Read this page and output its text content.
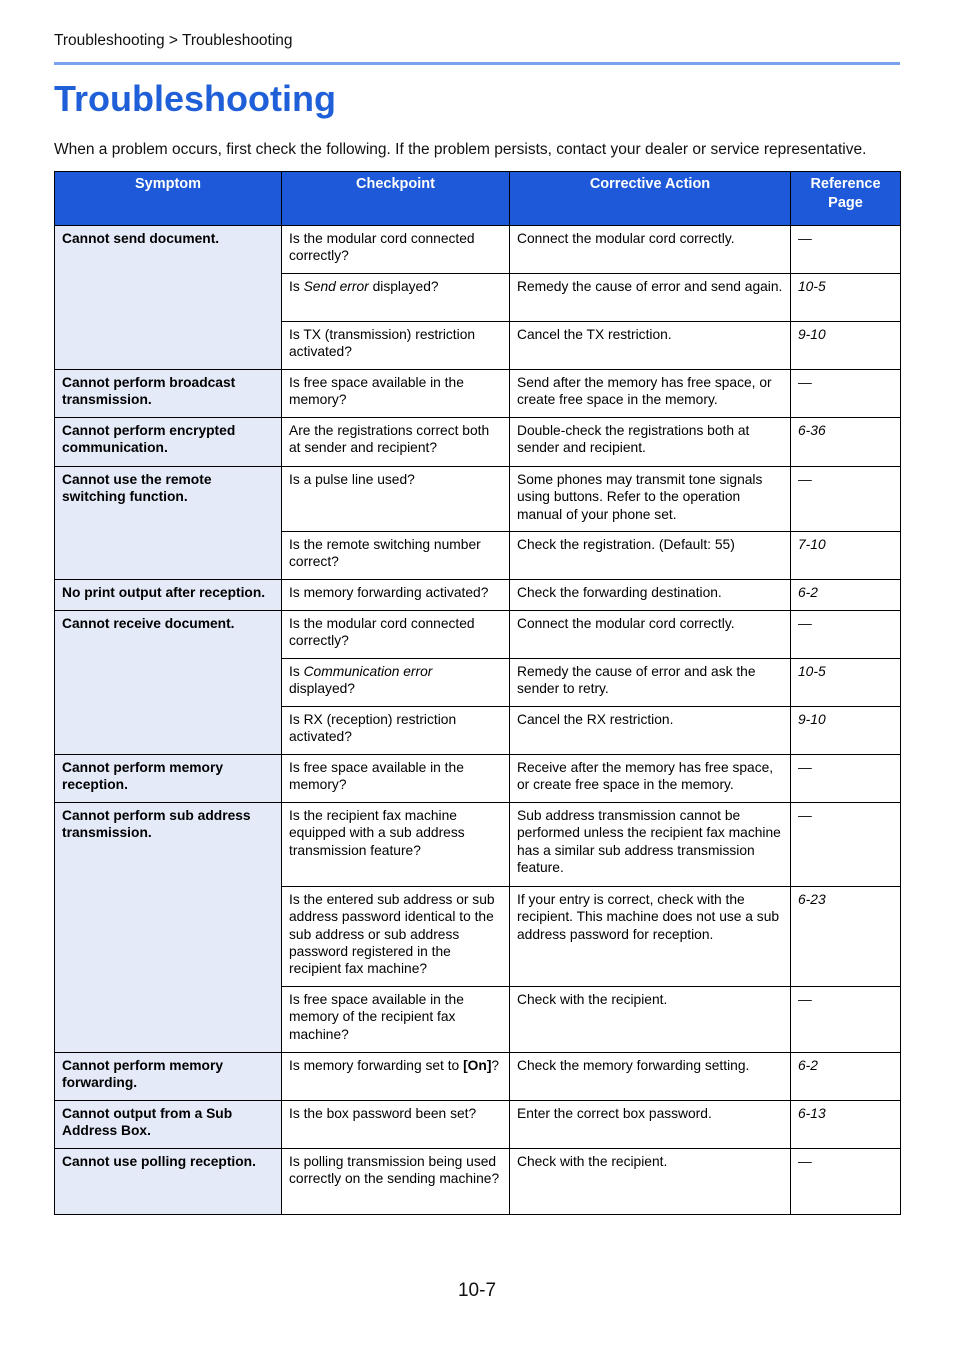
Troubleshooting > Troubleshooting
Troubleshooting
When a problem occurs, first check the following. If the problem persists, contact your dealer or service representative.
Symptom	Checkpoint	Corrective Action	Reference Page
Cannot send document.	Is the modular cord connected correctly?	Connect the modular cord correctly.	—
	Is Send error displayed?	Remedy the cause of error and send again.	10-5
	Is TX (transmission) restriction activated?	Cancel the TX restriction.	9-10
Cannot perform broadcast transmission.	Is free space available in the memory?	Send after the memory has free space, or create free space in the memory.	—
Cannot perform encrypted communication.	Are the registrations correct both at sender and recipient?	Double-check the registrations both at sender and recipient.	6-36
Cannot use the remote switching function.	Is a pulse line used?	Some phones may transmit tone signals using buttons. Refer to the operation manual of your phone set.	—
	Is the remote switching number correct?	Check the registration. (Default: 55)	7-10
No print output after reception.	Is memory forwarding activated?	Check the forwarding destination.	6-2
Cannot receive document.	Is the modular cord connected correctly?	Connect the modular cord correctly.	—
	Is Communication error displayed?	Remedy the cause of error and ask the sender to retry.	10-5
	Is RX (reception) restriction activated?	Cancel the RX restriction.	9-10
Cannot perform memory reception.	Is free space available in the memory?	Receive after the memory has free space, or create free space in the memory.	—
Cannot perform sub address transmission.	Is the recipient fax machine equipped with a sub address transmission feature?	Sub address transmission cannot be performed unless the recipient fax machine has a similar sub address transmission feature.	—
	Is the entered sub address or sub address password identical to the sub address or sub address password registered in the recipient fax machine?	If your entry is correct, check with the recipient. This machine does not use a sub address password for reception.	6-23
	Is free space available in the memory of the recipient fax machine?	Check with the recipient.	—
Cannot perform memory forwarding.	Is memory forwarding set to [On]?	Check the memory forwarding setting.	6-2
Cannot output from a Sub Address Box.	Is the box password been set?	Enter the correct box password.	6-13
Cannot use polling reception.	Is polling transmission being used correctly on the sending machine?	Check with the recipient.	—
10-7
